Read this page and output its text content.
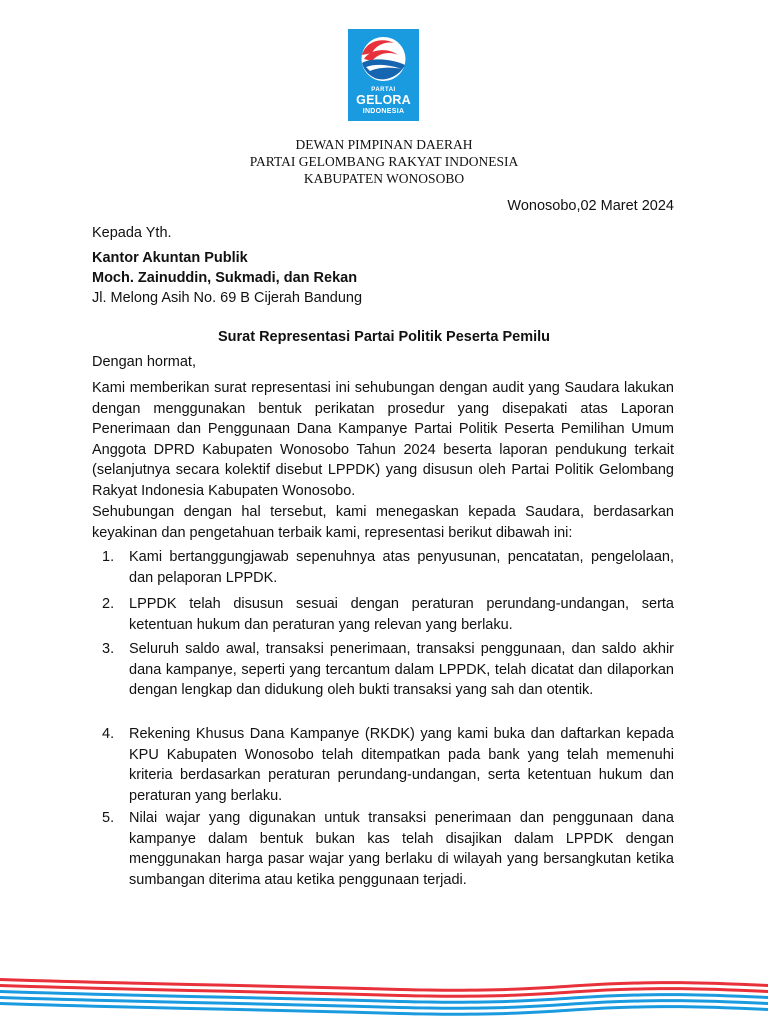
PARTAI
GELORA
INDONESIA
DEWAN PIMPINAN DAERAH
PARTAI GELOMBANG RAKYAT INDONESIA
KABUPATEN WONOSOBO
Wonosobo,02 Maret 2024
Kepada Yth.
Kantor Akuntan Publik
Moch. Zainuddin, Sukmadi, dan Rekan
Jl. Melong Asih No. 69 B Cijerah Bandung
Surat Representasi Partai Politik Peserta Pemilu
Dengan hormat,
Kami memberikan surat representasi ini sehubungan dengan audit yang Saudara lakukan dengan menggunakan bentuk perikatan prosedur yang disepakati atas Laporan Penerimaan dan Penggunaan Dana Kampanye Partai Politik Peserta Pemilihan Umum Anggota DPRD Kabupaten Wonosobo Tahun 2024 beserta laporan pendukung terkait (selanjutnya secara kolektif disebut LPPDK) yang disusun oleh Partai Politik Gelombang Rakyat Indonesia Kabupaten Wonosobo.
Sehubungan dengan hal tersebut, kami menegaskan kepada Saudara, berdasarkan keyakinan dan pengetahuan terbaik kami, representasi berikut dibawah ini:
1. Kami bertanggungjawab sepenuhnya atas penyusunan, pencatatan, pengelolaan, dan pelaporan LPPDK.
2. LPPDK telah disusun sesuai dengan peraturan perundang-undangan, serta ketentuan hukum dan peraturan yang relevan yang berlaku.
3. Seluruh saldo awal, transaksi penerimaan, transaksi penggunaan, dan saldo akhir dana kampanye, seperti yang tercantum dalam LPPDK, telah dicatat dan dilaporkan dengan lengkap dan didukung oleh bukti transaksi yang sah dan otentik.
4. Rekening Khusus Dana Kampanye (RKDK) yang kami buka dan daftarkan kepada KPU Kabupaten Wonosobo telah ditempatkan pada bank yang telah memenuhi kriteria berdasarkan peraturan perundang-undangan, serta ketentuan hukum dan peraturan yang berlaku.
5. Nilai wajar yang digunakan untuk transaksi penerimaan dan penggunaan dana kampanye dalam bentuk bukan kas telah disajikan dalam LPPDK dengan menggunakan harga pasar wajar yang berlaku di wilayah yang bersangkutan ketika sumbangan diterima atau ketika penggunaan terjadi.
